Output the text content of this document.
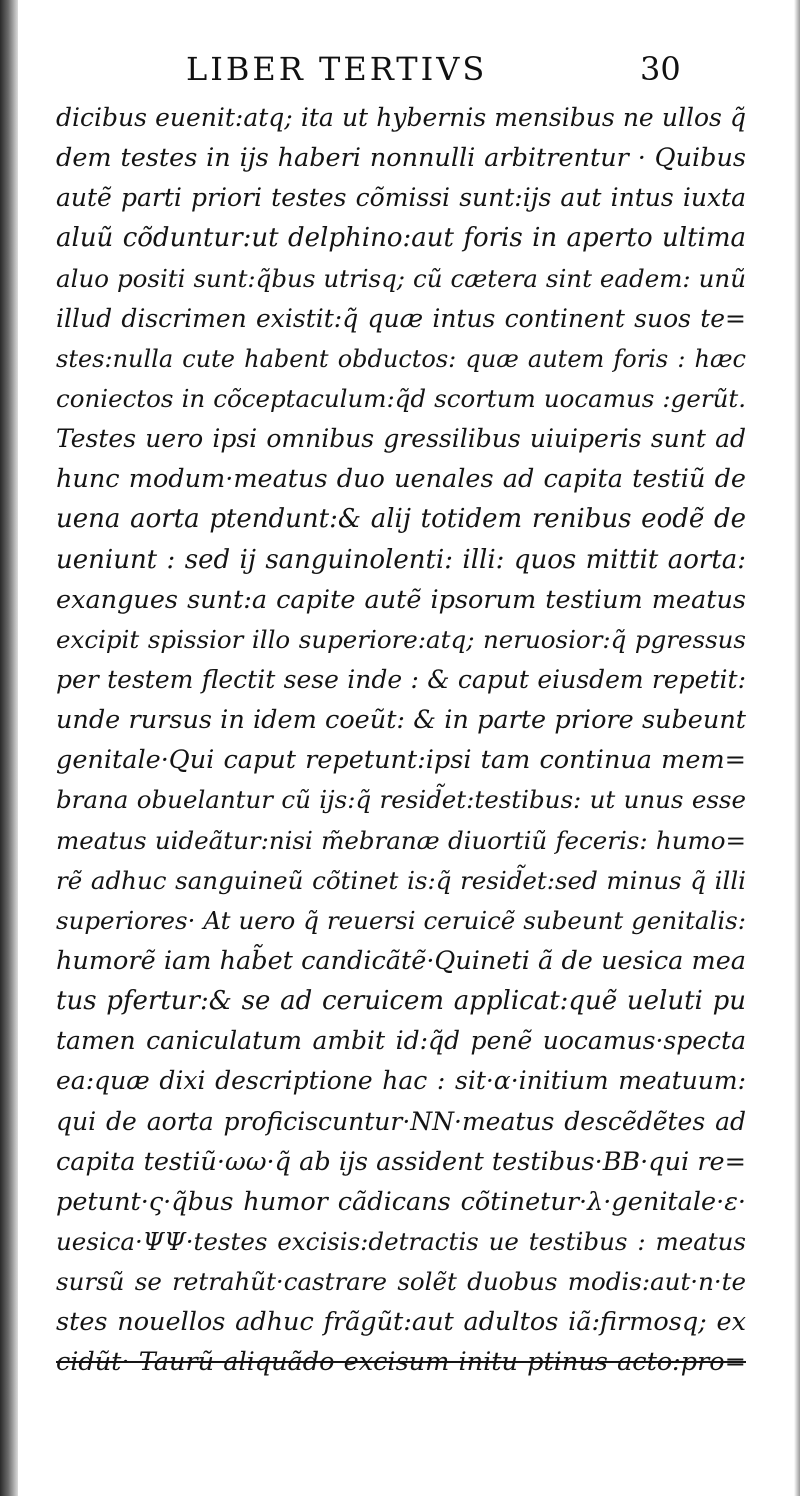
LIBER TERTIVS	30
dicibus euenit:atq; ita ut hybernis mensibus ne ullos q̃
dem testes in ijs haberi nonnulli arbitrentur · Quibus
autẽ parti priori testes cõmissi sunt:ijs aut intus iuxta
aluũ cõduntur:ut delphino:aut foris in aperto ultima
aluo positi sunt:q̃bus utrisq; cũ cætera sint eadem: unũ
illud discrimen existit:q̃ quæ intus continent suos te=
stes:nulla cute habent obductos: quæ autem foris : hæc
coniectos in cõceptaculum:q̃d scortum uocamus :gerũt.
Testes uero ipsi omnibus gressilibus uiuiperis sunt ad
hunc modum·meatus duo uenales ad capita testiũ de
uena aorta ptendunt:& alij totidem renibus eodẽ de
ueniunt : sed ij sanguinolenti: illi: quos mittit aorta:
exangues sunt:a capite autẽ ipsorum testium meatus
excipit spissior illo superiore:atq; neruosior:q̃ pgressus
per testem flectit sese inde : & caput eiusdem repetit:
unde rursus in idem coeũt: & in parte priore subeunt
genitale·Qui caput repetunt:ipsi tam continua mem=
brana obuelantur cũ ijs:q̃ resid̃et:testibus: ut unus esse
meatus uideãtur:nisi m̃ebranæ diuortiũ feceris: humo=
rẽ adhuc sanguineũ cõtinet is:q̃ resid̃et:sed minus q̃ illi
superiores· At uero q̃ reuersi ceruicẽ subeunt genitalis:
humorẽ iam hab̃et candicãtẽ·Quineti ã de uesica mea
tus pfertur:& se ad ceruicem applicat:quẽ ueluti pu
tamen caniculatum ambit id:q̃d penẽ uocamus·specta
ea:quæ dixi descriptione hac : sit·α·initium meatuum:
qui de aorta proficiscuntur·NN·meatus descẽdẽtes ad
capita testiũ·ωω·q̃ ab ijs assident testibus·ΒΒ·qui re=
petunt·ς·q̃bus humor cãdicans cõtinetur·λ·genitale·ε·
uesica·ΨΨ·testes excisis:detractis ue testibus : meatus
sursũ se retrahũt·castrare solẽt duobus modis:aut·n·te
stes nouellos adhuc frãgũt:aut adultos iã:firmosq; ex
cidũt· Taurũ aliquãdo excisum initu ptinus acto:pro=
